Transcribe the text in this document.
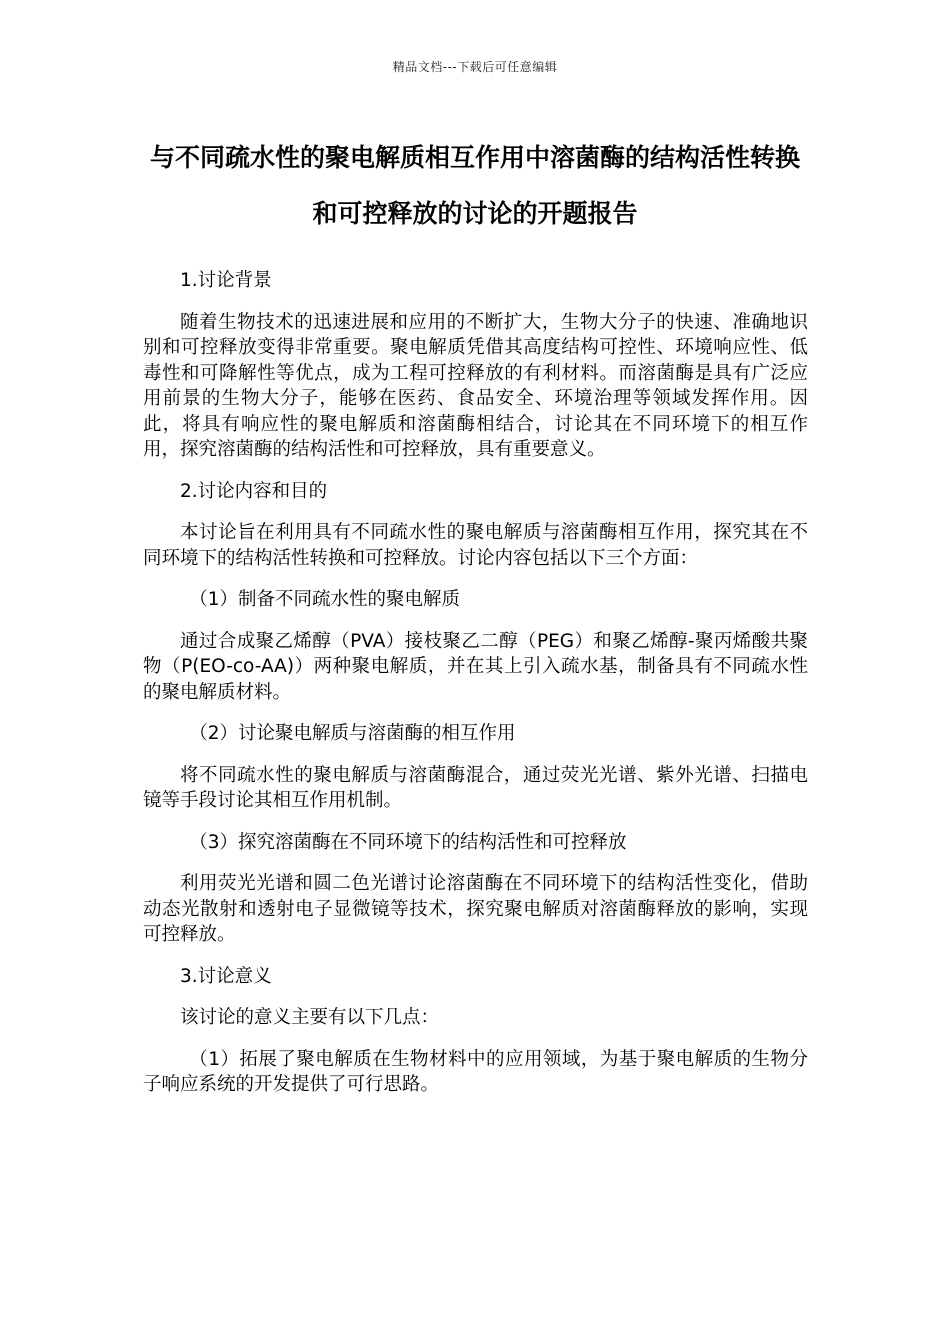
精品文档---下载后可任意编辑
与不同疏水性的聚电解质相互作用中溶菌酶的结构活性转换和可控释放的讨论的开题报告

1.讨论背景

随着生物技术的迅速进展和应用的不断扩大，生物大分子的快速、准确地识别和可控释放变得非常重要。聚电解质凭借其高度结构可控性、环境响应性、低毒性和可降解性等优点，成为工程可控释放的有利材料。而溶菌酶是具有广泛应用前景的生物大分子，能够在医药、食品安全、环境治理等领域发挥作用。因此，将具有响应性的聚电解质和溶菌酶相结合，讨论其在不同环境下的相互作用，探究溶菌酶的结构活性和可控释放，具有重要意义。

2.讨论内容和目的

本讨论旨在利用具有不同疏水性的聚电解质与溶菌酶相互作用，探究其在不同环境下的结构活性转换和可控释放。讨论内容包括以下三个方面：

（1）制备不同疏水性的聚电解质

通过合成聚乙烯醇（PVA）接枝聚乙二醇（PEG）和聚乙烯醇-聚丙烯酸共聚物（P(EO-co-AA)）两种聚电解质，并在其上引入疏水基，制备具有不同疏水性的聚电解质材料。

（2）讨论聚电解质与溶菌酶的相互作用

将不同疏水性的聚电解质与溶菌酶混合，通过荧光光谱、紫外光谱、扫描电镜等手段讨论其相互作用机制。

（3）探究溶菌酶在不同环境下的结构活性和可控释放

利用荧光光谱和圆二色光谱讨论溶菌酶在不同环境下的结构活性变化，借助动态光散射和透射电子显微镜等技术，探究聚电解质对溶菌酶释放的影响，实现可控释放。

3.讨论意义

该讨论的意义主要有以下几点：

（1）拓展了聚电解质在生物材料中的应用领域，为基于聚电解质的生物分子响应系统的开发提供了可行思路。
